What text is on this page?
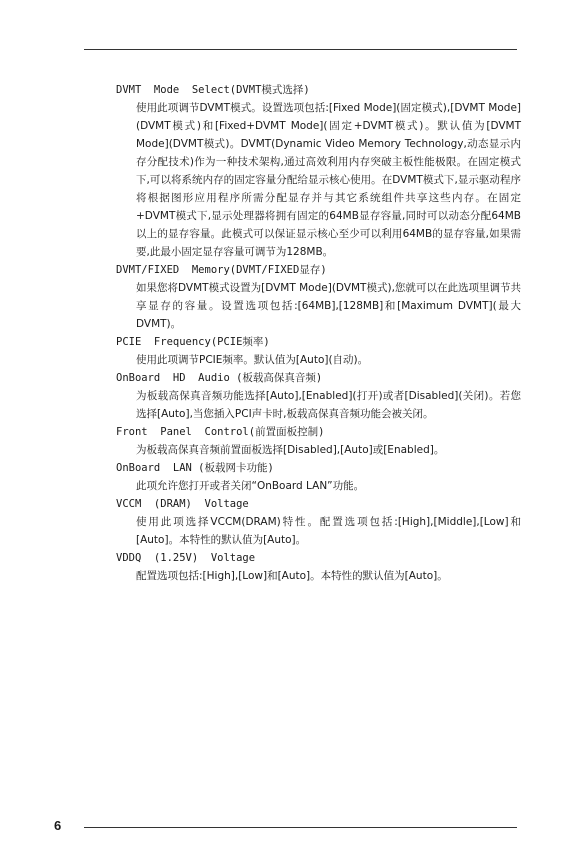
DVMT  Mode  Select(DVMT模式选择)

使用此项调节DVMT模式。设置选项包括:[Fixed Mode](固定模式),[DVMT Mode](DVMT模式)和[Fixed+DVMT Mode](固定+DVMT模式)。默认值为[DVMT Mode](DVMT模式)。DVMT(Dynamic Video Memory Technology,动态显示内存分配技术)作为一种技术架构,通过高效利用内存突破主板性能极限。在固定模式下,可以将系统内存的固定容量分配给显示核心使用。在DVMT模式下,显示驱动程序将根据图形应用程序所需分配显存并与其它系统组件共享这些内存。在固定+DVMT模式下,显示处理器将拥有固定的64MB显存容量,同时可以动态分配64MB以上的显存容量。此模式可以保证显示核心至少可以利用64MB的显存容量,如果需要,此最小固定显存容量可调节为128MB。

DVMT/FIXED  Memory(DVMT/FIXED显存)

如果您将DVMT模式设置为[DVMT Mode](DVMT模式),您就可以在此选项里调节共享显存的容量。设置选项包括:[64MB],[128MB]和[Maximum DVMT](最大DVMT)。

PCIE  Frequency(PCIE频率)

使用此项调节PCIE频率。默认值为[Auto](自动)。

OnBoard  HD  Audio (板载高保真音频)

为板载高保真音频功能选择[Auto],[Enabled](打开)或者[Disabled](关闭)。若您选择[Auto],当您插入PCI声卡时,板载高保真音频功能会被关闭。

Front  Panel  Control(前置面板控制)

为板载高保真音频前置面板选择[Disabled],[Auto]或[Enabled]。

OnBoard  LAN (板载网卡功能)

此项允许您打开或者关闭“OnBoard LAN”功能。

VCCM  (DRAM)  Voltage

使用此项选择VCCM(DRAM)特性。配置选项包括:[High],[Middle],[Low]和[Auto]。本特性的默认值为[Auto]。

VDDQ  (1.25V)  Voltage

配置选项包括:[High],[Low]和[Auto]。本特性的默认值为[Auto]。

6
